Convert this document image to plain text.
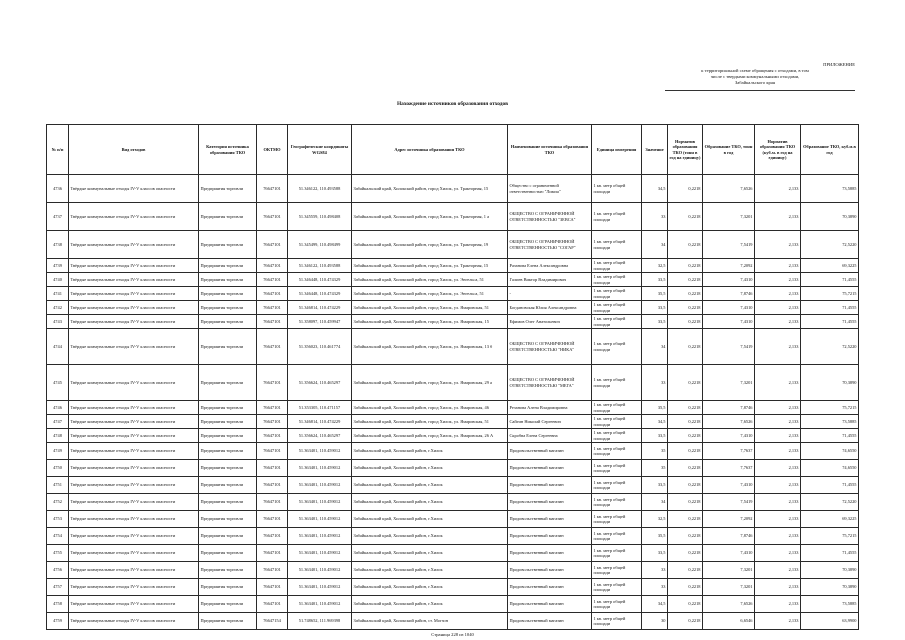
ПРИЛОЖЕНИЕ
к территориальной схеме обращения с отходами, в том
числе с твердыми коммунальными отходами,
Забайкальского края
Нахождение источников образования отходов
№ п/п	Вид отходов	Категория источника образования ТКО	ОКТМО	Географические координаты WGS84	Адрес источника образования ТКО	Наименование источника образования ТКО	Единица измерения	Значение	Норматив образования ТКО (тонн в год на единицу)	Образование ТКО, тонн в год	Норматив образования ТКО (куб.м. в год на единицу)	Образование ТКО, куб.м.в год
4736	Твёрдые коммунальные отходы IV-V классов опасности	Предприятия торговли	76647101	51.346122, 110.493588	Забайкальский край, Хилокский район, город Хилок, ул. Тракторная, 15	Общество с ограниченной ответственностью "Лимпа"	1 кв. метр общей площади	34,5	0,2218	7,6526	2,133	73,5885
4737	Твёрдые коммунальные отходы IV-V классов опасности	Предприятия торговли	76647101	51.345559, 110.498408	Забайкальский край, Хилокский район, город Хилок, ул. Тракторная, 1 а	ОБЩЕСТВО С ОГРАНИЧЕННОЙ ОТВЕТСТВЕННОСТЬЮ "ЗЕВСА"	1 кв. метр общей площади	33	0,2218	7,3201	2,133	70,3890
4738	Твёрдые коммунальные отходы IV-V классов опасности	Предприятия торговли	76647101	51.345499, 110.498499	Забайкальский край, Хилокский район, город Хилок, ул. Тракторная, 19	ОБЩЕСТВО С ОГРАНИЧЕННОЙ ОТВЕТСТВЕННОСТЬЮ "СОГАР"	1 кв. метр общей площади	34	0,2218	7,5419	2,133	72,5220
4739	Твёрдые коммунальные отходы IV-V классов опасности	Предприятия торговли	76647101	51.346122, 110.493588	Забайкальский край, Хилокский район, город Хилок, ул. Тракторная, 15	Разанова Елена Александровна	1 кв. метр общей площади	32,5	0,2218	7,2092	2,133	69,3225
4740	Твёрдые коммунальные отходы IV-V классов опасности	Предприятия торговли	76647101	51.346448, 110.474329	Забайкальский край, Хилокский район, город Хилок, ул. Энгельса, 51	Галиев Виктор Владимирович	1 кв. метр общей площади	33,5	0,2218	7,4310	2,133	71,4555
4741	Твёрдые коммунальные отходы IV-V классов опасности	Предприятия торговли	76647101	51.346448, 110.474329	Забайкальский край, Хилокский район, город Хилок, ул. Энгельса, 51	-	1 кв. метр общей площади	35,5	0,2218	7,8746	2,133	75,7215
4742	Твёрдые коммунальные отходы IV-V классов опасности	Предприятия торговли	76647101	51.346814, 110.474229	Забайкальский край, Хилокский район, город Хилок, ул. Ямаровская, 51	Богдановская Юлия Александровна	1 кв. метр общей площади	33,5	0,2218	7,4310	2,133	71,4555
4743	Твёрдые коммунальные отходы IV-V классов опасности	Предприятия торговли	76647101	51.358097, 110.459947	Забайкальский край, Хилокский район, город Хилок, ул. Ямаровская, 15	Ефимов Олег Анатольевич	1 кв. метр общей площади	33,5	0,2218	7,4310	2,133	71,4555
4744	Твёрдые коммунальные отходы IV-V классов опасности	Предприятия торговли	76647101	51.356023, 110.461774	Забайкальский край, Хилокский район, город Хилок, ул. Ямаровская, 13 б	ОБЩЕСТВО С ОГРАНИЧЕННОЙ ОТВЕТСТВЕННОСТЬЮ "НИКА"	1 кв. метр общей площади	34	0,2218	7,5419	2,133	72,5220
4745	Твёрдые коммунальные отходы IV-V классов опасности	Предприятия торговли	76647101	51.356624, 110.465297	Забайкальский край, Хилокский район, город Хилок, ул. Ямаровская, 29 а	ОБЩЕСТВО С ОГРАНИЧЕННОЙ ОТВЕТСТВЕННОСТЬЮ "МЕГА"	1 кв. метр общей площади	33	0,2218	7,3201	2,133	70,3890
4746	Твёрдые коммунальные отходы IV-V классов опасности	Предприятия торговли	76647101	51.353305, 110.471157	Забайкальский край, Хилокский район, город Хилок, ул. Ямаровская, 46	Резанова Алена Владимировна	1 кв. метр общей площади	35,5	0,2218	7,8746	2,133	75,7215
4747	Твёрдые коммунальные отходы IV-V классов опасности	Предприятия торговли	76647101	51.346814, 110.474229	Забайкальский край, Хилокский район, город Хилок, ул. Ямаровская, 51	Сайгин Николай Сергеевич	1 кв. метр общей площади	34,5	0,2218	7,6526	2,133	73,5885
4748	Твёрдые коммунальные отходы IV-V классов опасности	Предприятия торговли	76647101	51.356624, 110.465297	Забайкальский край, Хилокский район, город Хилок, ул. Ямаровская, 26 А	Скробва Елена Сергеевна	1 кв. метр общей площади	33,5	0,2218	7,4310	2,133	71,4555
4749	Твёрдые коммунальные отходы IV-V классов опасности	Предприятия торговли	76647101	51.363401, 110.459012	Забайкальский край, Хилокский район, г.Хилок	Продовольственный магазин	1 кв. метр общей площади	35	0,2218	7,7637	2,133	74,6550
4750	Твёрдые коммунальные отходы IV-V классов опасности	Предприятия торговли	76647101	51.363401, 110.459012	Забайкальский край, Хилокский район, г.Хилок	Продовольственный магазин	1 кв. метр общей площади	35	0,2218	7,7637	2,133	74,6550
4751	Твёрдые коммунальные отходы IV-V классов опасности	Предприятия торговли	76647101	51.363401, 110.459012	Забайкальский край, Хилокский район, г.Хилок	Продовольственный магазин	1 кв. метр общей площади	33,5	0,2218	7,4310	2,133	71,4555
4752	Твёрдые коммунальные отходы IV-V классов опасности	Предприятия торговли	76647101	51.363401, 110.459012	Забайкальский край, Хилокский район, г.Хилок	Продовольственный магазин	1 кв. метр общей площади	34	0,2218	7,5419	2,133	72,5220
4753	Твёрдые коммунальные отходы IV-V классов опасности	Предприятия торговли	76647101	51.363401, 110.459012	Забайкальский край, Хилокский район, г.Хилок	Продовольственный магазин	1 кв. метр общей площади	32,5	0,2218	7,2092	2,133	69,3225
4754	Твёрдые коммунальные отходы IV-V классов опасности	Предприятия торговли	76647101	51.363401, 110.459012	Забайкальский край, Хилокский район, г.Хилок	Продовольственный магазин	1 кв. метр общей площади	35,5	0,2218	7,8746	2,133	75,7215
4755	Твёрдые коммунальные отходы IV-V классов опасности	Предприятия торговли	76647101	51.363401, 110.459012	Забайкальский край, Хилокский район, г.Хилок	Продовольственный магазин	1 кв. метр общей площади	33,5	0,2218	7,4310	2,133	71,4555
4756	Твёрдые коммунальные отходы IV-V классов опасности	Предприятия торговли	76647101	51.363401, 110.459012	Забайкальский край, Хилокский район, г.Хилок	Продовольственный магазин	1 кв. метр общей площади	33	0,2218	7,3201	2,133	70,3890
4757	Твёрдые коммунальные отходы IV-V классов опасности	Предприятия торговли	76647101	51.363401, 110.459012	Забайкальский край, Хилокский район, г.Хилок	Продовольственный магазин	1 кв. метр общей площади	33	0,2218	7,3201	2,133	70,3890
4758	Твёрдые коммунальные отходы IV-V классов опасности	Предприятия торговли	76647101	51.363401, 110.459012	Забайкальский край, Хилокский район, г.Хилок	Продовольственный магазин	1 кв. метр общей площади	34,5	0,2218	7,6526	2,133	73,5885
4759	Твёрдые коммунальные отходы IV-V классов опасности	Предприятия торговли	76647154	51.748652, 111.969398	Забайкальский край, Хилокский район, ст. Могзон	Продовольственный магазин	1 кв. метр общей площади	30	0,2218	6,6546	2,133	63,9900
Страница 228 из 1040
